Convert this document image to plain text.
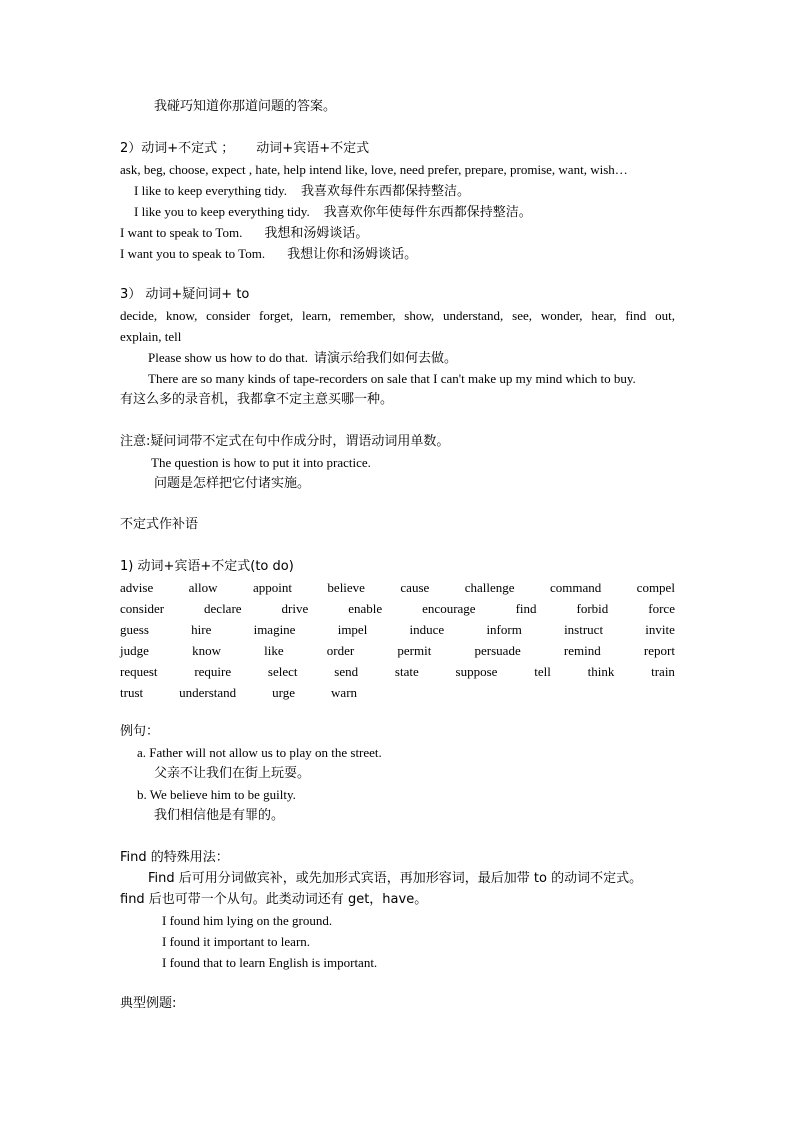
我碰巧知道你那道问题的答案。
2）动词+不定式 ； 动词+宾语+不定式
ask, beg, choose, expect , hate, help intend like, love, need prefer, prepare, promise, want, wish…
I like to keep everything tidy. 我喜欢每件东西都保持整洁。
I like you to keep everything tidy. 我喜欢你年使每件东西都保持整洁。
I want to speak to Tom. 我想和汤姆谈话。
I want you to speak to Tom. 我想让你和汤姆谈话。
3） 动词+疑问词+ to
decide, know, consider forget, learn, remember, show, understand, see, wonder, hear, find out,
explain, tell
Please show us how to do that. 请演示给我们如何去做。
There are so many kinds of tape-recorders on sale that I can't make up my mind which to buy.
有这么多的录音机，我都拿不定主意买哪一种。
注意:疑问词带不定式在句中作成分时，谓语动词用单数。
The question is how to put it into practice.
问题是怎样把它付诸实施。
不定式作补语
1) 动词+宾语+不定式(to do)
advise	allow	appoint	believe	cause	challenge	command	compel
consider	declare	drive	enable	encourage	find	forbid	force
guess	hire	imagine	impel	induce	inform	instruct	invite
judge	know	like	order	permit	persuade	remind	report
request	require	select	send	state	suppose	tell	think	train
trust	understand	urge	warn
例句：
a. Father will not allow us to play on the street.
父亲不让我们在街上玩耍。
b. We believe him to be guilty.
我们相信他是有罪的。
Find 的特殊用法：
Find 后可用分词做宾补，或先加形式宾语，再加形容词，最后加带 to 的动词不定式。
find 后也可带一个从句。此类动词还有 get，have。
I found him lying on the ground.
I found it important to learn.
I found that to learn English is important.
典型例题:
